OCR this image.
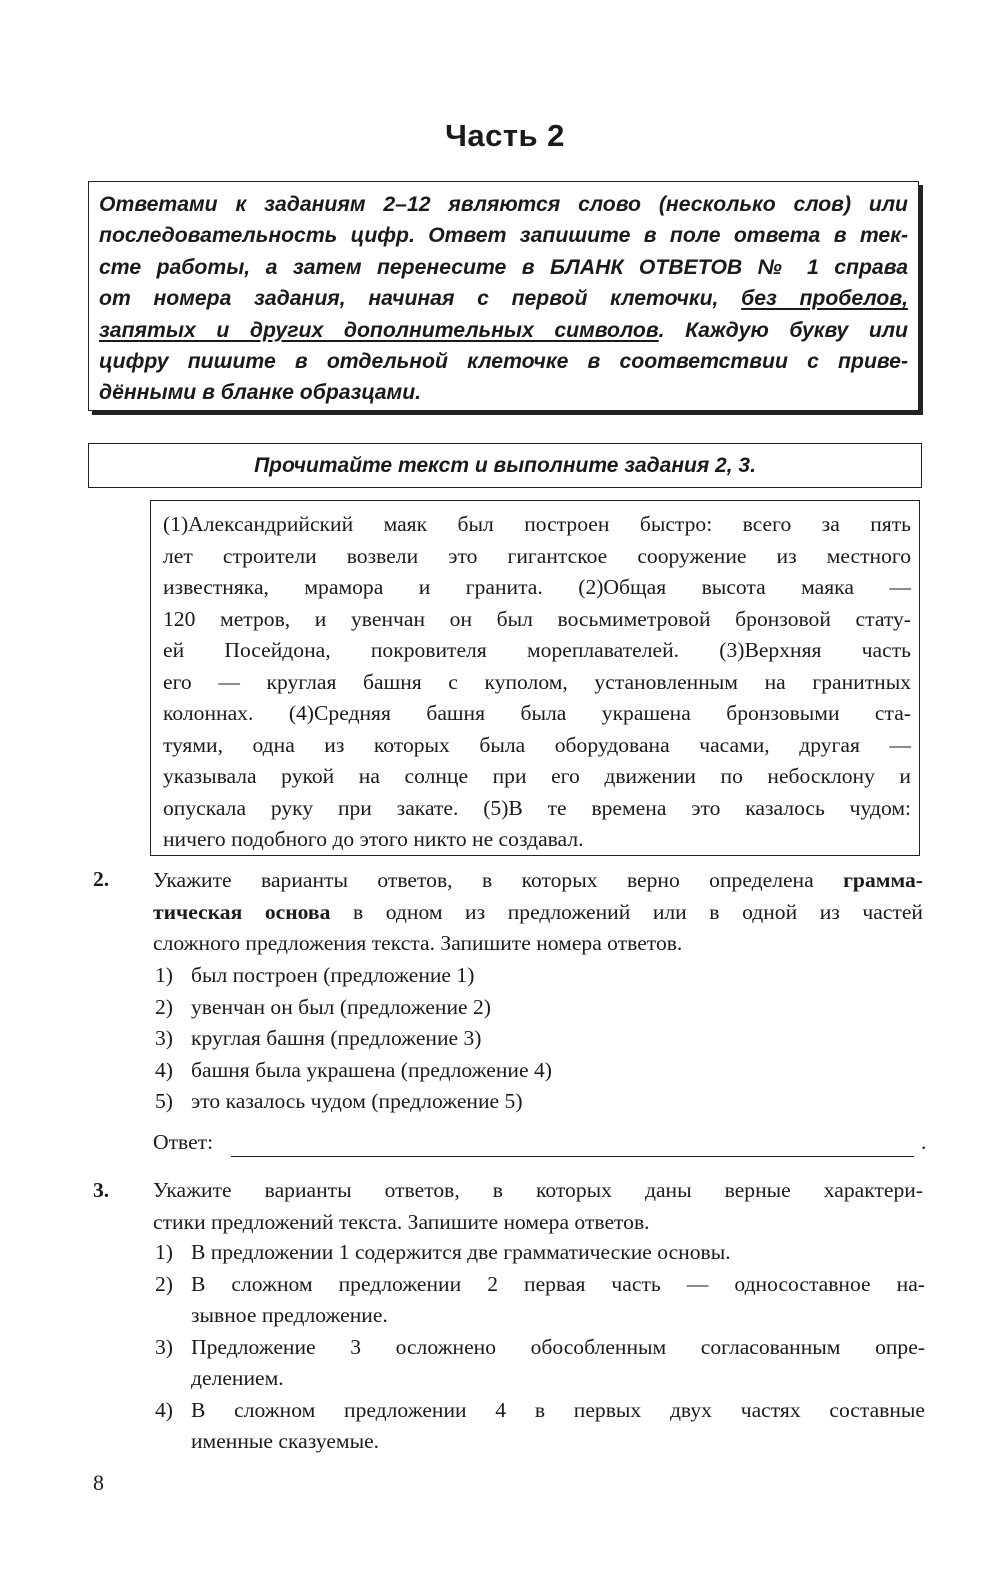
Часть 2
Ответами к заданиям 2–12 являются слово (несколько слов) или
последовательность цифр. Ответ запишите в поле ответа в тек-
сте работы, а затем перенесите в БЛАНК ОТВЕТОВ № 1 справа
от номера задания, начиная с первой клеточки, без пробелов,
запятых и других дополнительных символов. Каждую букву или
цифру пишите в отдельной клеточке в соответствии с приве-
дёнными в бланке образцами.
Прочитайте текст и выполните задания 2, 3.
(1)Александрийский маяк был построен быстро: всего за пять
лет строители возвели это гигантское сооружение из местного
известняка, мрамора и гранита. (2)Общая высота маяка —
120 метров, и увенчан он был восьмиметровой бронзовой стату-
ей Посейдона, покровителя мореплавателей. (3)Верхняя часть
его — круглая башня с куполом, установленным на гранитных
колоннах. (4)Средняя башня была украшена бронзовыми ста-
туями, одна из которых была оборудована часами, другая —
указывала рукой на солнце при его движении по небосклону и
опускала руку при закате. (5)В те времена это казалось чудом:
ничего подобного до этого никто не создавал.
2. Укажите варианты ответов, в которых верно определена грамма-
тическая основа в одном из предложений или в одной из частей
сложного предложения текста. Запишите номера ответов.
1) был построен (предложение 1)
2) увенчан он был (предложение 2)
3) круглая башня (предложение 3)
4) башня была украшена (предложение 4)
5) это казалось чудом (предложение 5)
Ответ:	.
3. Укажите варианты ответов, в которых даны верные характери-
стики предложений текста. Запишите номера ответов.
1) В предложении 1 содержится две грамматические основы.
2) В сложном предложении 2 первая часть — односоставное на-
зывное предложение.
3) Предложение 3 осложнено обособленным согласованным опре-
делением.
4) В сложном предложении 4 в первых двух частях составные
именные сказуемые.
8
